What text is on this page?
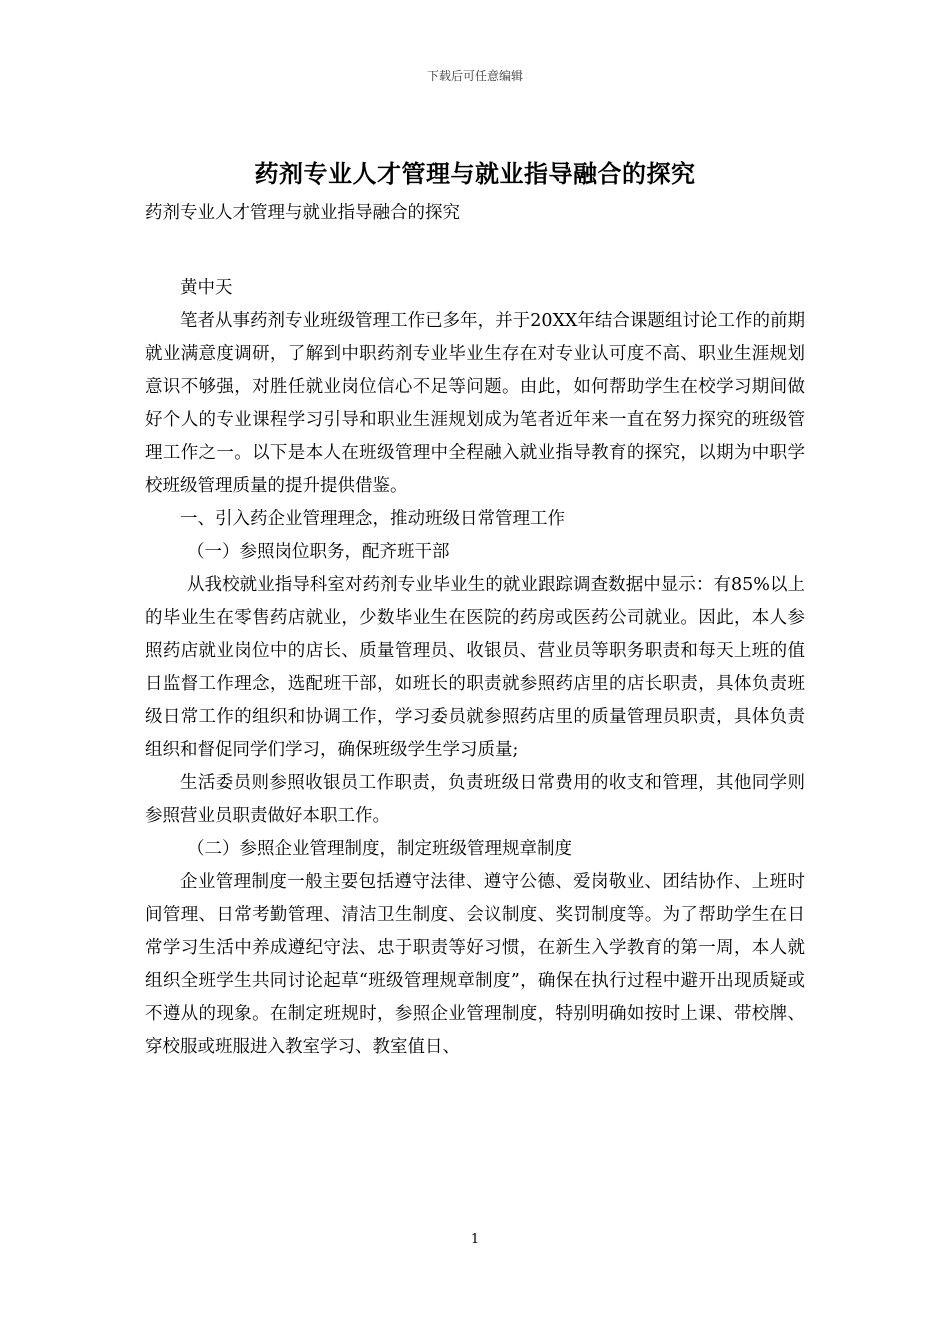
下载后可任意编辑
药剂专业人才管理与就业指导融合的探究
药剂专业人才管理与就业指导融合的探究

黄中天

笔者从事药剂专业班级管理工作已多年，并于20XX年结合课题组讨论工作的前期就业满意度调研，了解到中职药剂专业毕业生存在对专业认可度不高、职业生涯规划意识不够强，对胜任就业岗位信心不足等问题。由此，如何帮助学生在校学习期间做好个人的专业课程学习引导和职业生涯规划成为笔者近年来一直在努力探究的班级管理工作之一。以下是本人在班级管理中全程融入就业指导教育的探究，以期为中职学校班级管理质量的提升提供借鉴。

一、引入药企业管理理念，推动班级日常管理工作

（一）参照岗位职务，配齐班干部

从我校就业指导科室对药剂专业毕业生的就业跟踪调查数据中显示：有85%以上的毕业生在零售药店就业，少数毕业生在医院的药房或医药公司就业。因此，本人参照药店就业岗位中的店长、质量管理员、收银员、营业员等职务职责和每天上班的值日监督工作理念，选配班干部，如班长的职责就参照药店里的店长职责，具体负责班级日常工作的组织和协调工作，学习委员就参照药店里的质量管理员职责，具体负责组织和督促同学们学习，确保班级学生学习质量;

生活委员则参照收银员工作职责，负责班级日常费用的收支和管理，其他同学则参照营业员职责做好本职工作。

（二）参照企业管理制度，制定班级管理规章制度

企业管理制度一般主要包括遵守法律、遵守公德、爱岗敬业、团结协作、上班时间管理、日常考勤管理、清洁卫生制度、会议制度、奖罚制度等。为了帮助学生在日常学习生活中养成遵纪守法、忠于职责等好习惯，在新生入学教育的第一周，本人就组织全班学生共同讨论起草“班级管理规章制度”，确保在执行过程中避开出现质疑或不遵从的现象。在制定班规时，参照企业管理制度，特别明确如按时上课、带校牌、穿校服或班服进入教室学习、教室值日、

1
